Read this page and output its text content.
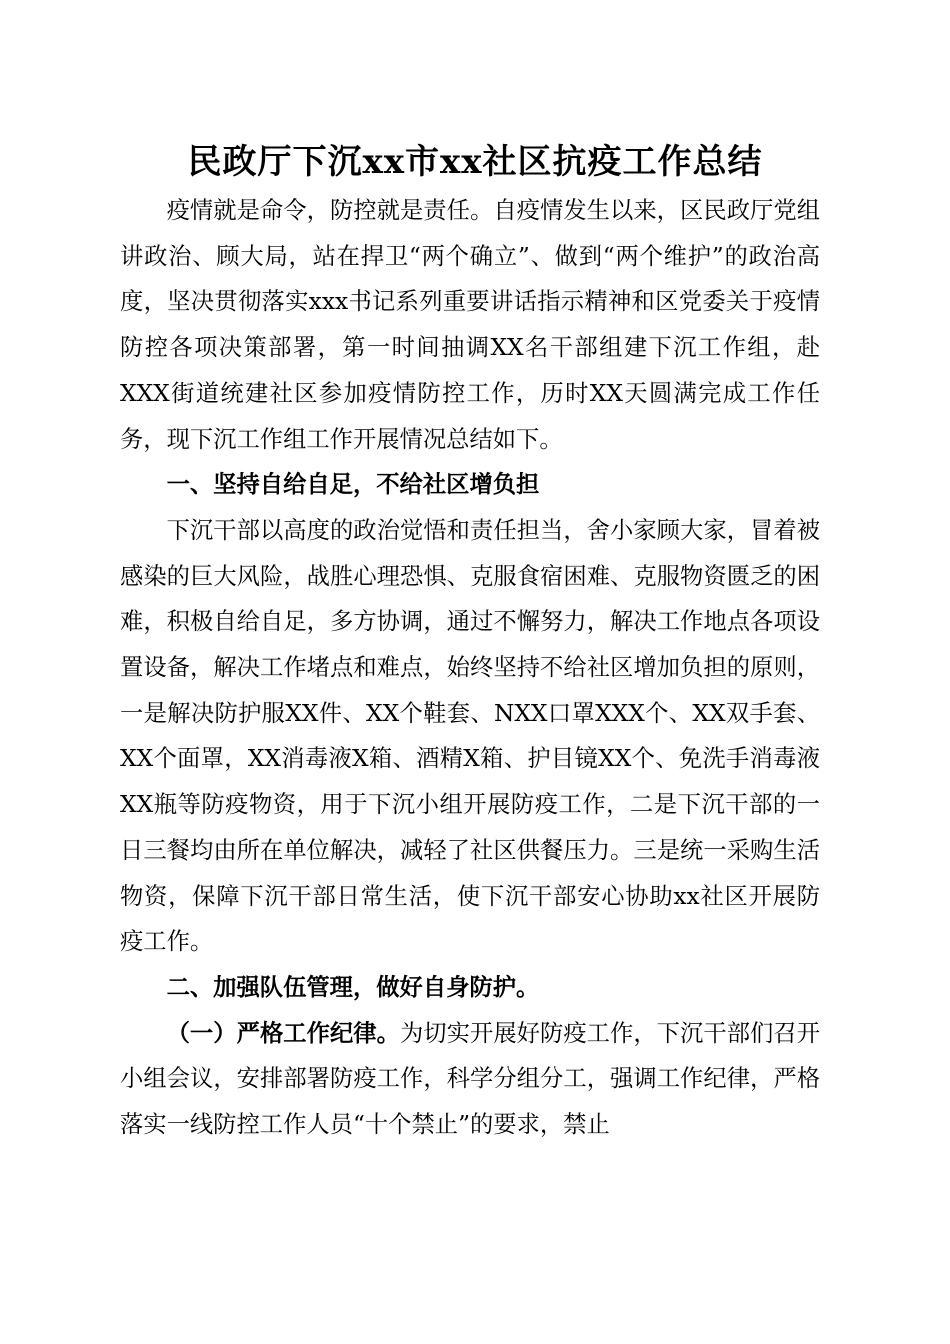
民政厅下沉xx市xx社区抗疫工作总结

疫情就是命令，防控就是责任。自疫情发生以来，区民政厅党组讲政治、顾大局，站在捍卫“两个确立”、做到“两个维护”的政治高度，坚决贯彻落实xxx书记系列重要讲话指示精神和区党委关于疫情防控各项决策部署，第一时间抽调XX名干部组建下沉工作组，赴XXX街道统建社区参加疫情防控工作，历时XX天圆满完成工作任务，现下沉工作组工作开展情况总结如下。

一、坚持自给自足，不给社区增负担

下沉干部以高度的政治觉悟和责任担当，舍小家顾大家，冒着被感染的巨大风险，战胜心理恐惧、克服食宿困难、克服物资匮乏的困难，积极自给自足，多方协调，通过不懈努力，解决工作地点各项设置设备，解决工作堵点和难点，始终坚持不给社区增加负担的原则，一是解决防护服XX件、XX个鞋套、NXX口罩XXX个、XX双手套、XX个面罩，XX消毒液X箱、酒精X箱、护目镜XX个、免洗手消毒液XX瓶等防疫物资，用于下沉小组开展防疫工作，二是下沉干部的一日三餐均由所在单位解决，减轻了社区供餐压力。三是统一采购生活物资，保障下沉干部日常生活，使下沉干部安心协助xx社区开展防疫工作。

二、加强队伍管理，做好自身防护。

（一）严格工作纪律。为切实开展好防疫工作，下沉干部们召开小组会议，安排部署防疫工作，科学分组分工，强调工作纪律，严格落实一线防控工作人员“十个禁止”的要求，禁止
